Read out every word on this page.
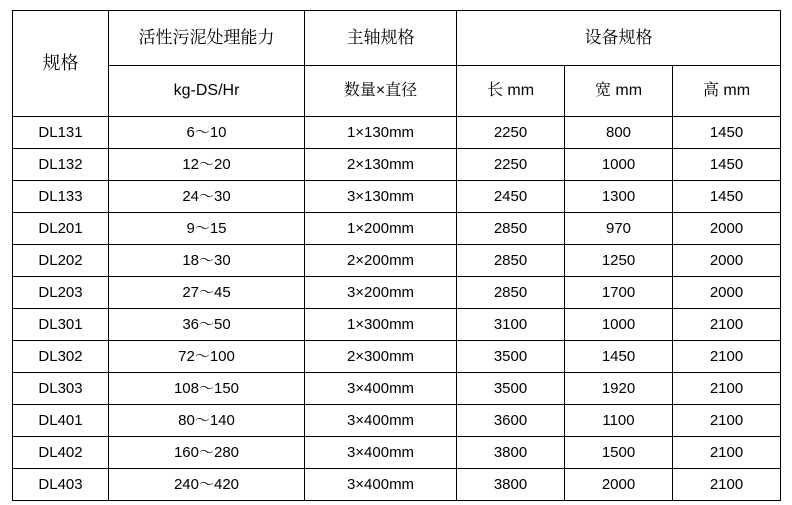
规格	活性污泥处理能力	主轴规格	设备规格		
	kg-DS/Hr	数量×直径	长 mm	宽 mm	高 mm
DL131	6～10	1×130mm	2250	800	1450
DL132	12～20	2×130mm	2250	1000	1450
DL133	24～30	3×130mm	2450	1300	1450
DL201	9～15	1×200mm	2850	970	2000
DL202	18～30	2×200mm	2850	1250	2000
DL203	27～45	3×200mm	2850	1700	2000
DL301	36～50	1×300mm	3100	1000	2100
DL302	72～100	2×300mm	3500	1450	2100
DL303	108～150	3×400mm	3500	1920	2100
DL401	80～140	3×400mm	3600	1100	2100
DL402	160～280	3×400mm	3800	1500	2100
DL403	240～420	3×400mm	3800	2000	2100
